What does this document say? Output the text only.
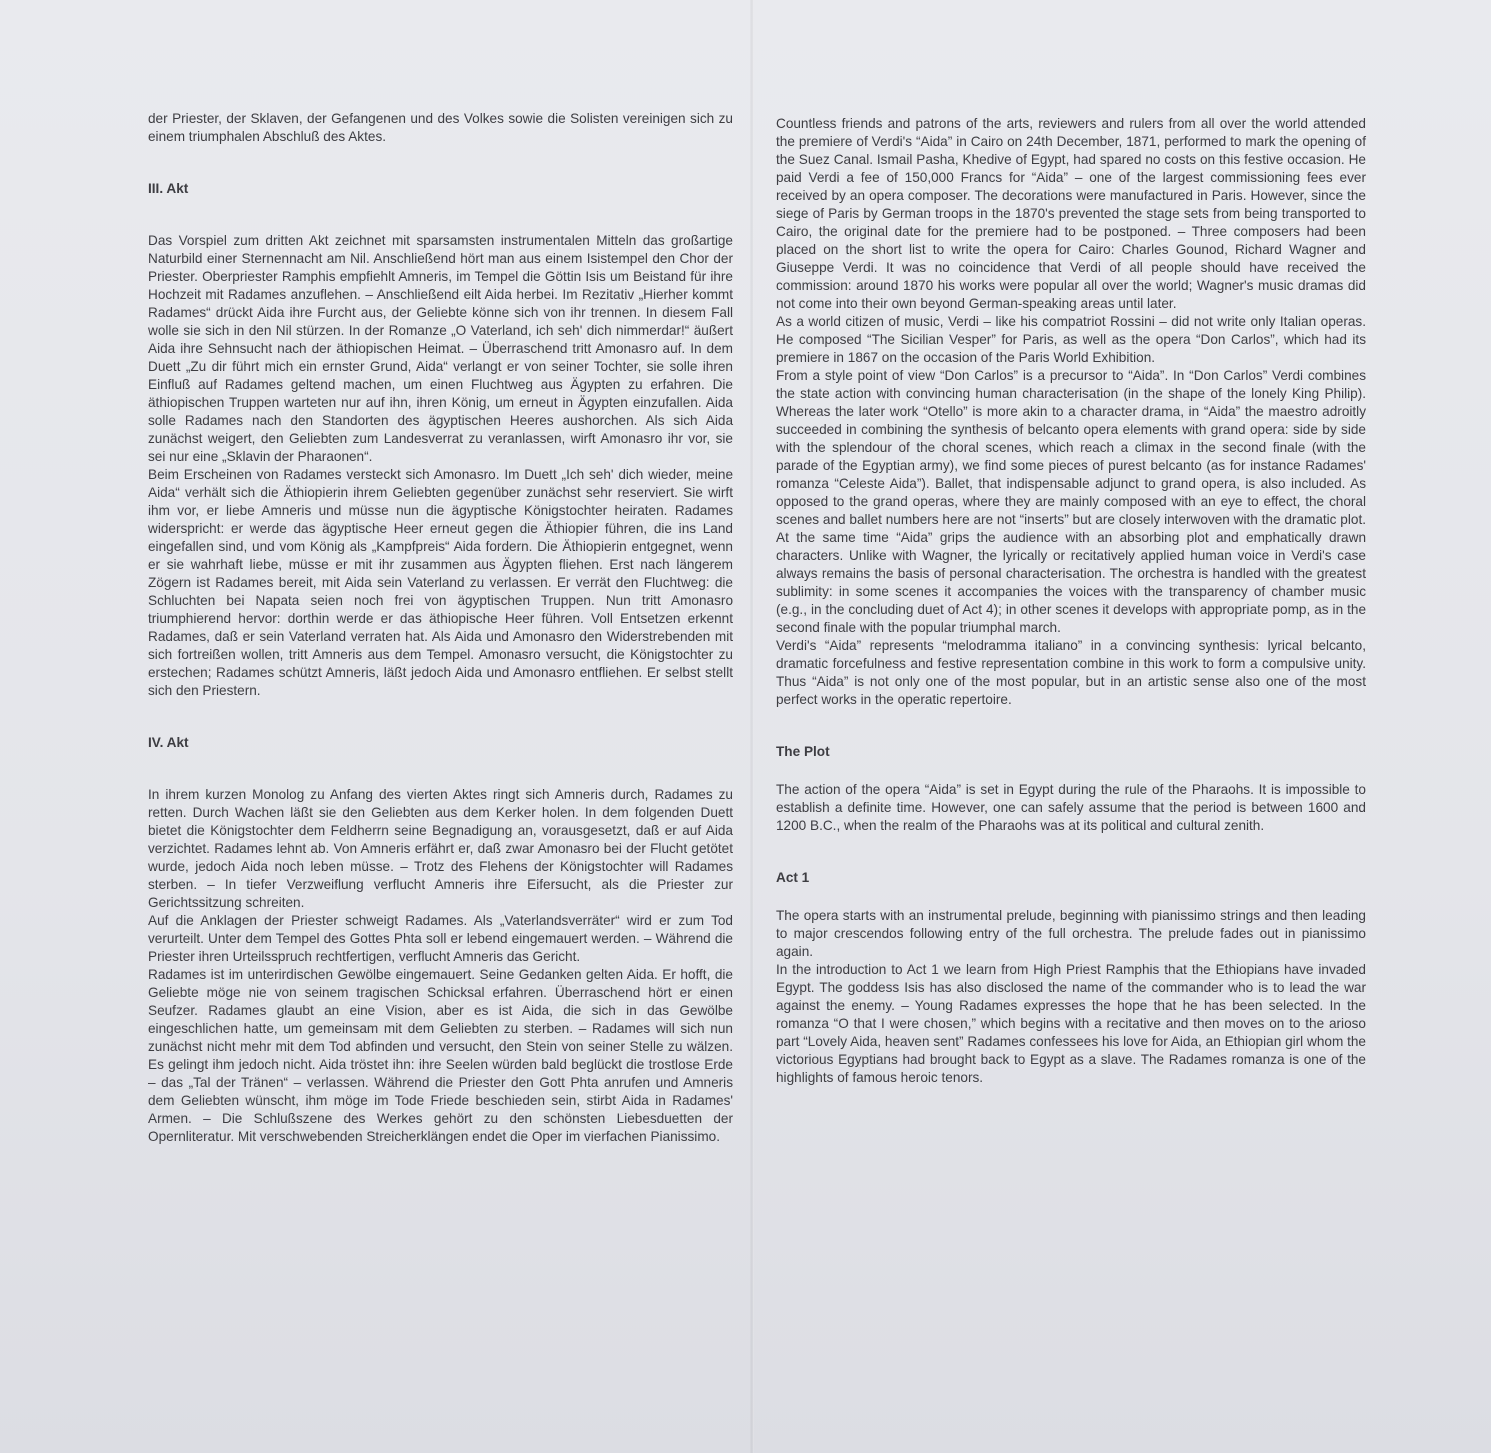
der Priester, der Sklaven, der Gefangenen und des Volkes sowie die Solisten vereinigen sich zu einem triumphalen Abschluß des Aktes.

III. Akt

Das Vorspiel zum dritten Akt zeichnet mit sparsamsten instrumentalen Mitteln das großartige Naturbild einer Sternennacht am Nil. Anschließend hört man aus einem Isistempel den Chor der Priester. Oberpriester Ramphis empfiehlt Amneris, im Tempel die Göttin Isis um Beistand für ihre Hochzeit mit Radames anzuflehen. – Anschließend eilt Aida herbei. Im Rezitativ „Hierher kommt Radames“ drückt Aida ihre Furcht aus, der Geliebte könne sich von ihr trennen. In diesem Fall wolle sie sich in den Nil stürzen. In der Romanze „O Vaterland, ich seh' dich nimmerdar!“ äußert Aida ihre Sehnsucht nach der äthiopischen Heimat. – Überraschend tritt Amonasro auf. In dem Duett „Zu dir führt mich ein ernster Grund, Aida“ verlangt er von seiner Tochter, sie solle ihren Einfluß auf Radames geltend machen, um einen Fluchtweg aus Ägypten zu erfahren. Die äthiopischen Truppen warteten nur auf ihn, ihren König, um erneut in Ägypten einzufallen. Aida solle Radames nach den Standorten des ägyptischen Heeres aushorchen. Als sich Aida zunächst weigert, den Geliebten zum Landesverrat zu veranlassen, wirft Amonasro ihr vor, sie sei nur eine „Sklavin der Pharaonen“.

Beim Erscheinen von Radames versteckt sich Amonasro. Im Duett „Ich seh' dich wieder, meine Aida“ verhält sich die Äthiopierin ihrem Geliebten gegenüber zunächst sehr reserviert. Sie wirft ihm vor, er liebe Amneris und müsse nun die ägyptische Königstochter heiraten. Radames widerspricht: er werde das ägyptische Heer erneut gegen die Äthiopier führen, die ins Land eingefallen sind, und vom König als „Kampfpreis“ Aida fordern. Die Äthiopierin entgegnet, wenn er sie wahrhaft liebe, müsse er mit ihr zusammen aus Ägypten fliehen. Erst nach längerem Zögern ist Radames bereit, mit Aida sein Vaterland zu verlassen. Er verrät den Fluchtweg: die Schluchten bei Napata seien noch frei von ägyptischen Truppen. Nun tritt Amonasro triumphierend hervor: dorthin werde er das äthiopische Heer führen. Voll Entsetzen erkennt Radames, daß er sein Vaterland verraten hat. Als Aida und Amonasro den Widerstrebenden mit sich fortreißen wollen, tritt Amneris aus dem Tempel. Amonasro versucht, die Königstochter zu erstechen; Radames schützt Amneris, läßt jedoch Aida und Amonasro entfliehen. Er selbst stellt sich den Priestern.

IV. Akt

In ihrem kurzen Monolog zu Anfang des vierten Aktes ringt sich Amneris durch, Radames zu retten. Durch Wachen läßt sie den Geliebten aus dem Kerker holen. In dem folgenden Duett bietet die Königstochter dem Feldherrn seine Begnadigung an, vorausgesetzt, daß er auf Aida verzichtet. Radames lehnt ab. Von Amneris erfährt er, daß zwar Amonasro bei der Flucht getötet wurde, jedoch Aida noch leben müsse. – Trotz des Flehens der Königstochter will Radames sterben. – In tiefer Verzweiflung verflucht Amneris ihre Eifersucht, als die Priester zur Gerichtssitzung schreiten.

Auf die Anklagen der Priester schweigt Radames. Als „Vaterlandsverräter“ wird er zum Tod verurteilt. Unter dem Tempel des Gottes Phta soll er lebend eingemauert werden. – Während die Priester ihren Urteilsspruch rechtfertigen, verflucht Amneris das Gericht.

Radames ist im unterirdischen Gewölbe eingemauert. Seine Gedanken gelten Aida. Er hofft, die Geliebte möge nie von seinem tragischen Schicksal erfahren. Überraschend hört er einen Seufzer. Radames glaubt an eine Vision, aber es ist Aida, die sich in das Gewölbe eingeschlichen hatte, um gemeinsam mit dem Geliebten zu sterben. – Radames will sich nun zunächst nicht mehr mit dem Tod abfinden und versucht, den Stein von seiner Stelle zu wälzen. Es gelingt ihm jedoch nicht. Aida tröstet ihn: ihre Seelen würden bald beglückt die trostlose Erde – das „Tal der Tränen“ – verlassen. Während die Priester den Gott Phta anrufen und Amneris dem Geliebten wünscht, ihm möge im Tode Friede beschieden sein, stirbt Aida in Radames' Armen. – Die Schlußszene des Werkes gehört zu den schönsten Liebesduetten der Opernliteratur. Mit verschwebenden Streicherklängen endet die Oper im vierfachen Pianissimo.

Countless friends and patrons of the arts, reviewers and rulers from all over the world attended the premiere of Verdi's “Aida” in Cairo on 24th December, 1871, performed to mark the opening of the Suez Canal. Ismail Pasha, Khedive of Egypt, had spared no costs on this festive occasion. He paid Verdi a fee of 150,000 Francs for “Aida” – one of the largest commissioning fees ever received by an opera composer. The decorations were manufactured in Paris. However, since the siege of Paris by German troops in the 1870's prevented the stage sets from being transported to Cairo, the original date for the premiere had to be postponed. – Three composers had been placed on the short list to write the opera for Cairo: Charles Gounod, Richard Wagner and Giuseppe Verdi. It was no coincidence that Verdi of all people should have received the commission: around 1870 his works were popular all over the world; Wagner's music dramas did not come into their own beyond German-speaking areas until later.

As a world citizen of music, Verdi – like his compatriot Rossini – did not write only Italian operas. He composed “The Sicilian Vesper” for Paris, as well as the opera “Don Carlos”, which had its premiere in 1867 on the occasion of the Paris World Exhibition.

From a style point of view “Don Carlos” is a precursor to “Aida”. In “Don Carlos” Verdi combines the state action with convincing human characterisation (in the shape of the lonely King Philip). Whereas the later work “Otello” is more akin to a character drama, in “Aida” the maestro adroitly succeeded in combining the synthesis of belcanto opera elements with grand opera: side by side with the splendour of the choral scenes, which reach a climax in the second finale (with the parade of the Egyptian army), we find some pieces of purest belcanto (as for instance Radames' romanza “Celeste Aida”). Ballet, that indispensable adjunct to grand opera, is also included. As opposed to the grand operas, where they are mainly composed with an eye to effect, the choral scenes and ballet numbers here are not “inserts” but are closely interwoven with the dramatic plot. At the same time “Aida” grips the audience with an absorbing plot and emphatically drawn characters. Unlike with Wagner, the lyrically or recitatively applied human voice in Verdi's case always remains the basis of personal characterisation. The orchestra is handled with the greatest sublimity: in some scenes it accompanies the voices with the transparency of chamber music (e.g., in the concluding duet of Act 4); in other scenes it develops with appropriate pomp, as in the second finale with the popular triumphal march.

Verdi's “Aida” represents “melodramma italiano” in a convincing synthesis: lyrical belcanto, dramatic forcefulness and festive representation combine in this work to form a compulsive unity. Thus “Aida” is not only one of the most popular, but in an artistic sense also one of the most perfect works in the operatic repertoire.

The Plot

The action of the opera “Aida” is set in Egypt during the rule of the Pharaohs. It is impossible to establish a definite time. However, one can safely assume that the period is between 1600 and 1200 B.C., when the realm of the Pharaohs was at its political and cultural zenith.

Act 1

The opera starts with an instrumental prelude, beginning with pianissimo strings and then leading to major crescendos following entry of the full orchestra. The prelude fades out in pianissimo again.

In the introduction to Act 1 we learn from High Priest Ramphis that the Ethiopians have invaded Egypt. The goddess Isis has also disclosed the name of the commander who is to lead the war against the enemy. – Young Radames expresses the hope that he has been selected. In the romanza “O that I were chosen,” which begins with a recitative and then moves on to the arioso part “Lovely Aida, heaven sent” Radames confessees his love for Aida, an Ethiopian girl whom the victorious Egyptians had brought back to Egypt as a slave. The Radames romanza is one of the highlights of famous heroic tenors.
